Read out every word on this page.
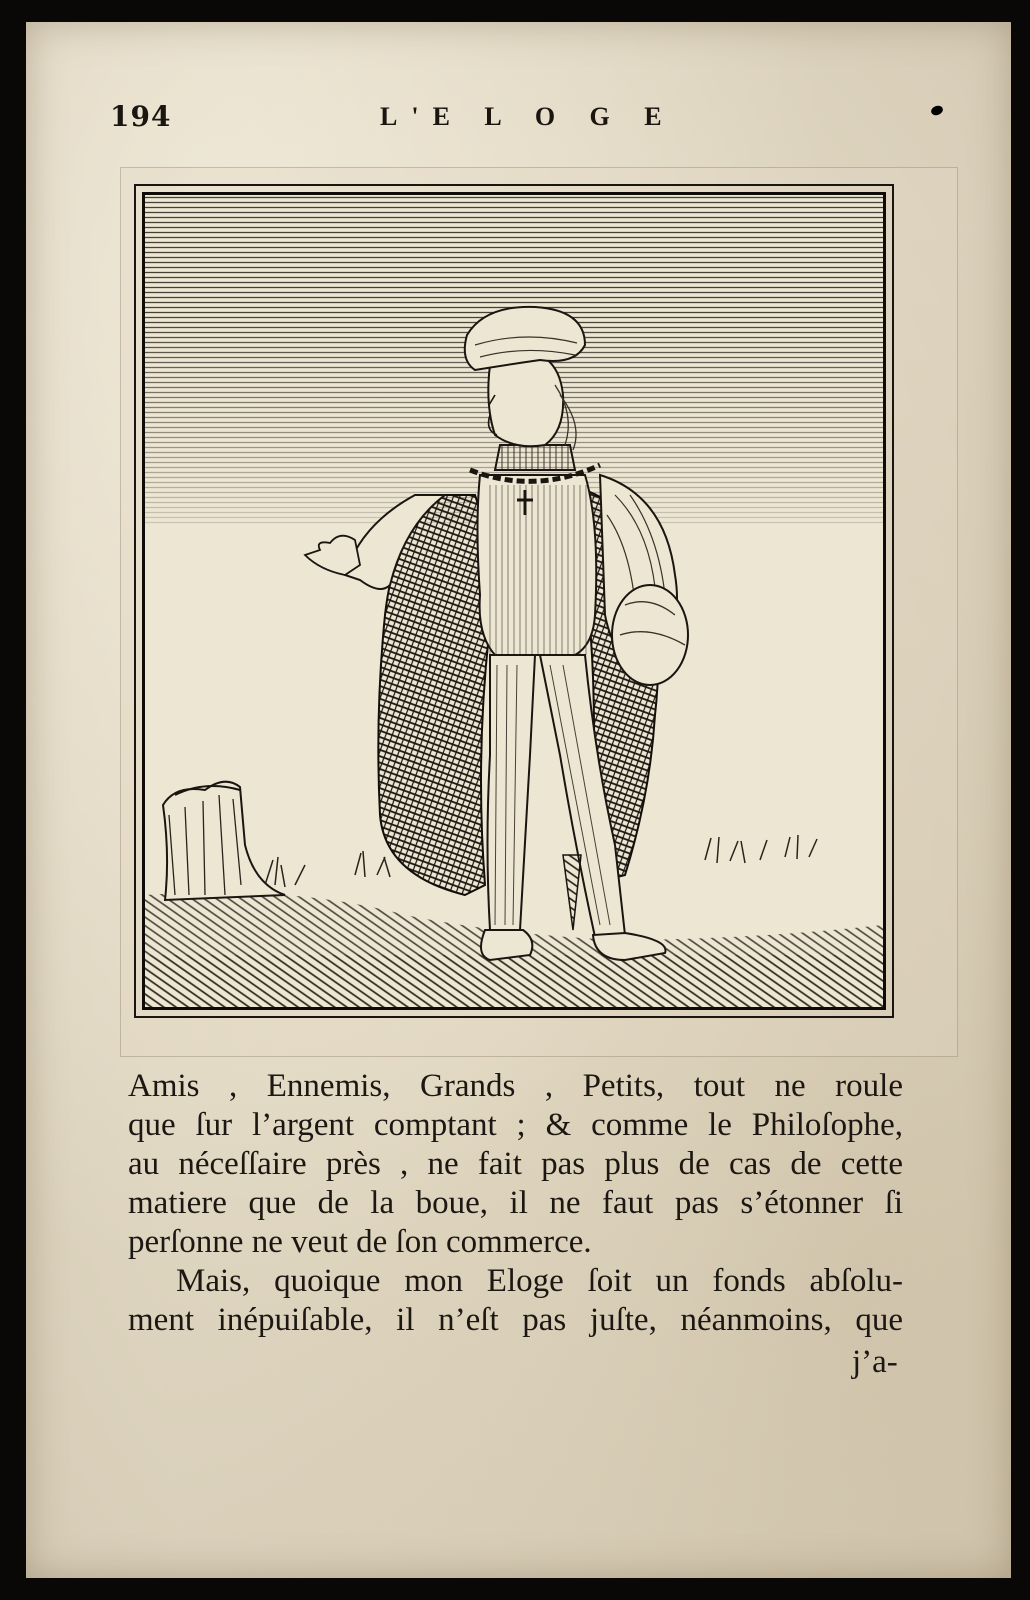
194	L'E L O G E
Amis , Ennemis, Grands , Petits, tout ne roule
que ſur l’argent comptant ; & comme le Philoſophe,
au néceſſaire près , ne fait pas plus de cas de cette
matiere que de la boue, il ne faut pas s’étonner ſi
perſonne ne veut de ſon commerce.
Mais, quoique mon Eloge ſoit un fonds abſolu-
ment inépuiſable, il n’eſt pas juſte, néanmoins, que
j’a-
